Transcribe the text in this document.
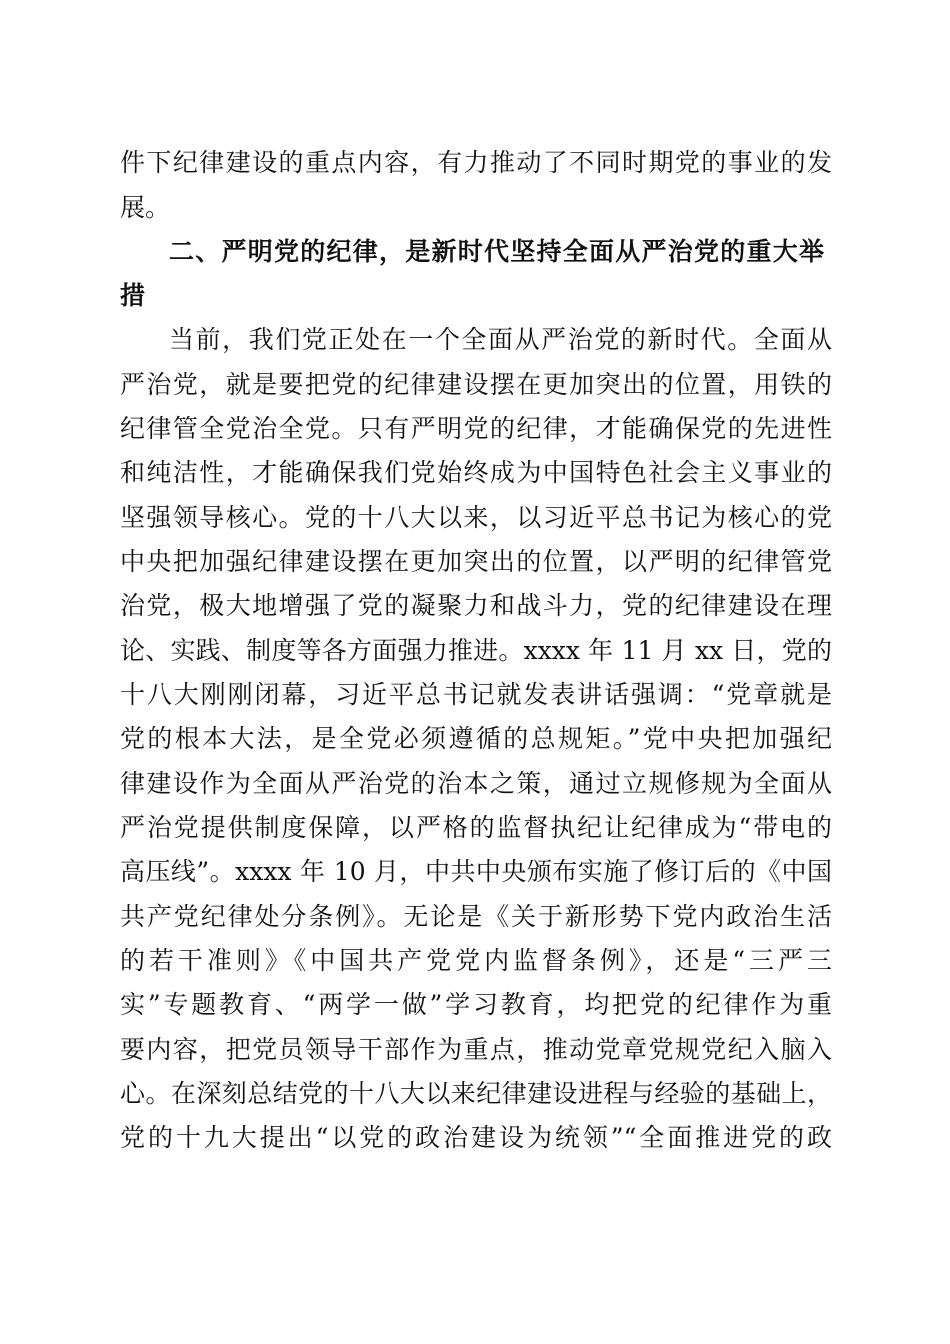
件下纪律建设的重点内容，有力推动了不同时期党的事业的发
展。
二、严明党的纪律，是新时代坚持全面从严治党的重大举
措
当前，我们党正处在一个全面从严治党的新时代。全面从
严治党，就是要把党的纪律建设摆在更加突出的位置，用铁的
纪律管全党治全党。只有严明党的纪律，才能确保党的先进性
和纯洁性，才能确保我们党始终成为中国特色社会主义事业的
坚强领导核心。党的十八大以来，以习近平总书记为核心的党
中央把加强纪律建设摆在更加突出的位置，以严明的纪律管党
治党，极大地增强了党的凝聚力和战斗力，党的纪律建设在理
论、实践、制度等各方面强力推进。xxxx 年 11 月 xx 日，党的
十八大刚刚闭幕，习近平总书记就发表讲话强调：“党章就是
党的根本大法，是全党必须遵循的总规矩。”党中央把加强纪
律建设作为全面从严治党的治本之策，通过立规修规为全面从
严治党提供制度保障，以严格的监督执纪让纪律成为“带电的
高压线”。xxxx 年 10 月，中共中央颁布实施了修订后的《中国
共产党纪律处分条例》。无论是《关于新形势下党内政治生活
的若干准则》《中国共产党党内监督条例》，还是“三严三
实”专题教育、“两学一做”学习教育，均把党的纪律作为重
要内容，把党员领导干部作为重点，推动党章党规党纪入脑入
心。在深刻总结党的十八大以来纪律建设进程与经验的基础上，
党的十九大提出“以党的政治建设为统领”“全面推进党的政
